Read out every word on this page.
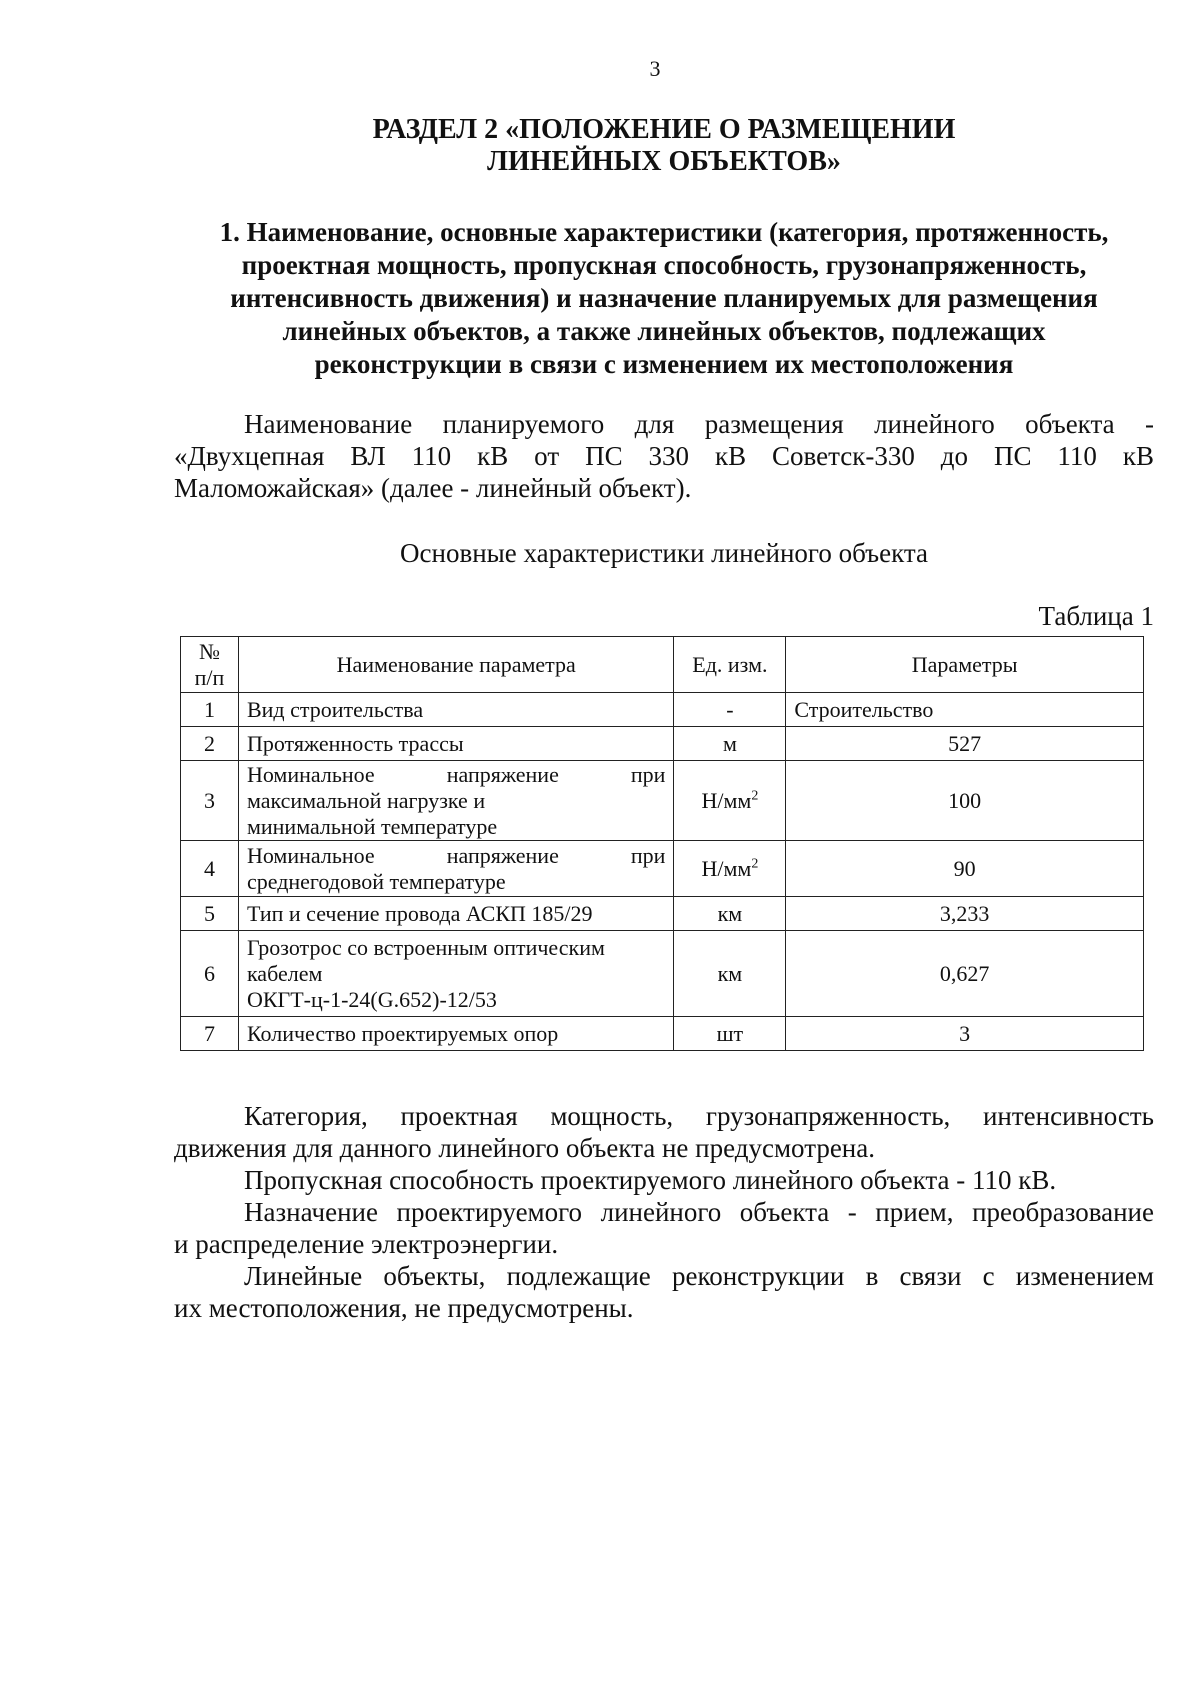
3
РАЗДЕЛ 2 «ПОЛОЖЕНИЕ О РАЗМЕЩЕНИИ
ЛИНЕЙНЫХ ОБЪЕКТОВ»
1. Наименование, основные характеристики (категория, протяженность,
проектная мощность, пропускная способность, грузонапряженность,
интенсивность движения) и назначение планируемых для размещения
линейных объектов, а также линейных объектов, подлежащих
реконструкции в связи с изменением их местоположения
Наименование планируемого для размещения линейного объекта -
«Двухцепная ВЛ 110 кВ от ПС 330 кВ Советск-330 до ПС 110 кВ
Маломожайская» (далее - линейный объект).
Основные характеристики линейного объекта
Таблица 1
№
п/п	Наименование параметра	Ед. изм.	Параметры
1	Вид строительства	-	Строительство
2	Протяженность трассы	м	527
3	Номинальное напряжение при
максимальной нагрузке и
минимальной температуре	$Н/мм^2$	100
4	Номинальное напряжение при
среднегодовой температуре	$Н/мм^2$	90
5	Тип и сечение провода АСКП 185/29	км	3,233
6	Грозотрос со встроенным оптическим
кабелем
ОКГТ-ц-1-24(G.652)-12/53	км	0,627
7	Количество проектируемых опор	шт	3
Категория, проектная мощность, грузонапряженность, интенсивность
движения для данного линейного объекта не предусмотрена.
Пропускная способность проектируемого линейного объекта - 110 кВ.
Назначение проектируемого линейного объекта - прием, преобразование
и распределение электроэнергии.
Линейные объекты, подлежащие реконструкции в связи с изменением
их местоположения, не предусмотрены.
